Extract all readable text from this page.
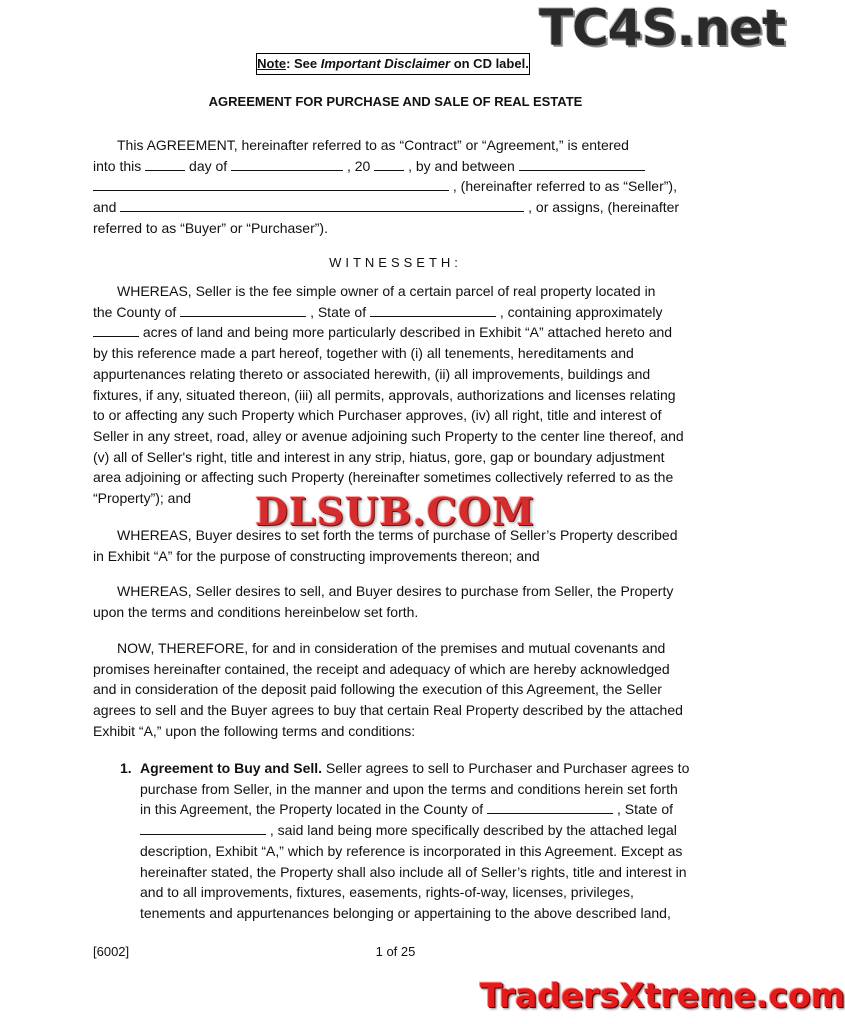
TC4S.net
Note: See Important Disclaimer on CD label.
AGREEMENT FOR PURCHASE AND SALE OF REAL ESTATE

This AGREEMENT, hereinafter referred to as “Contract” or “Agreement,” is entered

into this	day of	, 20	, by and between

, (hereinafter referred to as “Seller”),

and	, or assigns, (hereinafter

referred to as “Buyer” or “Purchaser”).

WITNESSETH:

WHEREAS, Seller is the fee simple owner of a certain parcel of real property located in

the County of	, State of	, containing approximately

acres of land and being more particularly described in Exhibit “A” attached hereto and

by this reference made a part hereof, together with (i) all tenements, hereditaments and

appurtenances relating thereto or associated herewith, (ii) all improvements, buildings and

fixtures, if any, situated thereon, (iii) all permits, approvals, authorizations and licenses relating

to or affecting any such Property which Purchaser approves, (iv) all right, title and interest of

Seller in any street, road, alley or avenue adjoining such Property to the center line thereof, and

(v) all of Seller's right, title and interest in any strip, hiatus, gore, gap or boundary adjustment

area adjoining or affecting such Property (hereinafter sometimes collectively referred to as the

“Property”); and

WHEREAS, Buyer desires to set forth the terms of purchase of Seller’s Property described

in Exhibit “A” for the purpose of constructing improvements thereon; and

WHEREAS, Seller desires to sell, and Buyer desires to purchase from Seller, the Property

upon the terms and conditions hereinbelow set forth.

NOW, THEREFORE, for and in consideration of the premises and mutual covenants and

promises hereinafter contained, the receipt and adequacy of which are hereby acknowledged

and in consideration of the deposit paid following the execution of this Agreement, the Seller

agrees to sell and the Buyer agrees to buy that certain Real Property described by the attached

Exhibit “A,” upon the following terms and conditions:

1. Agreement to Buy and Sell. Seller agrees to sell to Purchaser and Purchaser agrees to
purchase from Seller, in the manner and upon the terms and conditions herein set forth
in this Agreement, the Property located in the County of	, State of
, said land being more specifically described by the attached legal
description, Exhibit “A,” which by reference is incorporated in this Agreement. Except as
hereinafter stated, the Property shall also include all of Seller’s rights, title and interest in
and to all improvements, fixtures, easements, rights-of-way, licenses, privileges,
tenements and appurtenances belonging or appertaining to the above described land,
DLSUB.COM
[6002]	1 of 25
TradersXtreme.com
